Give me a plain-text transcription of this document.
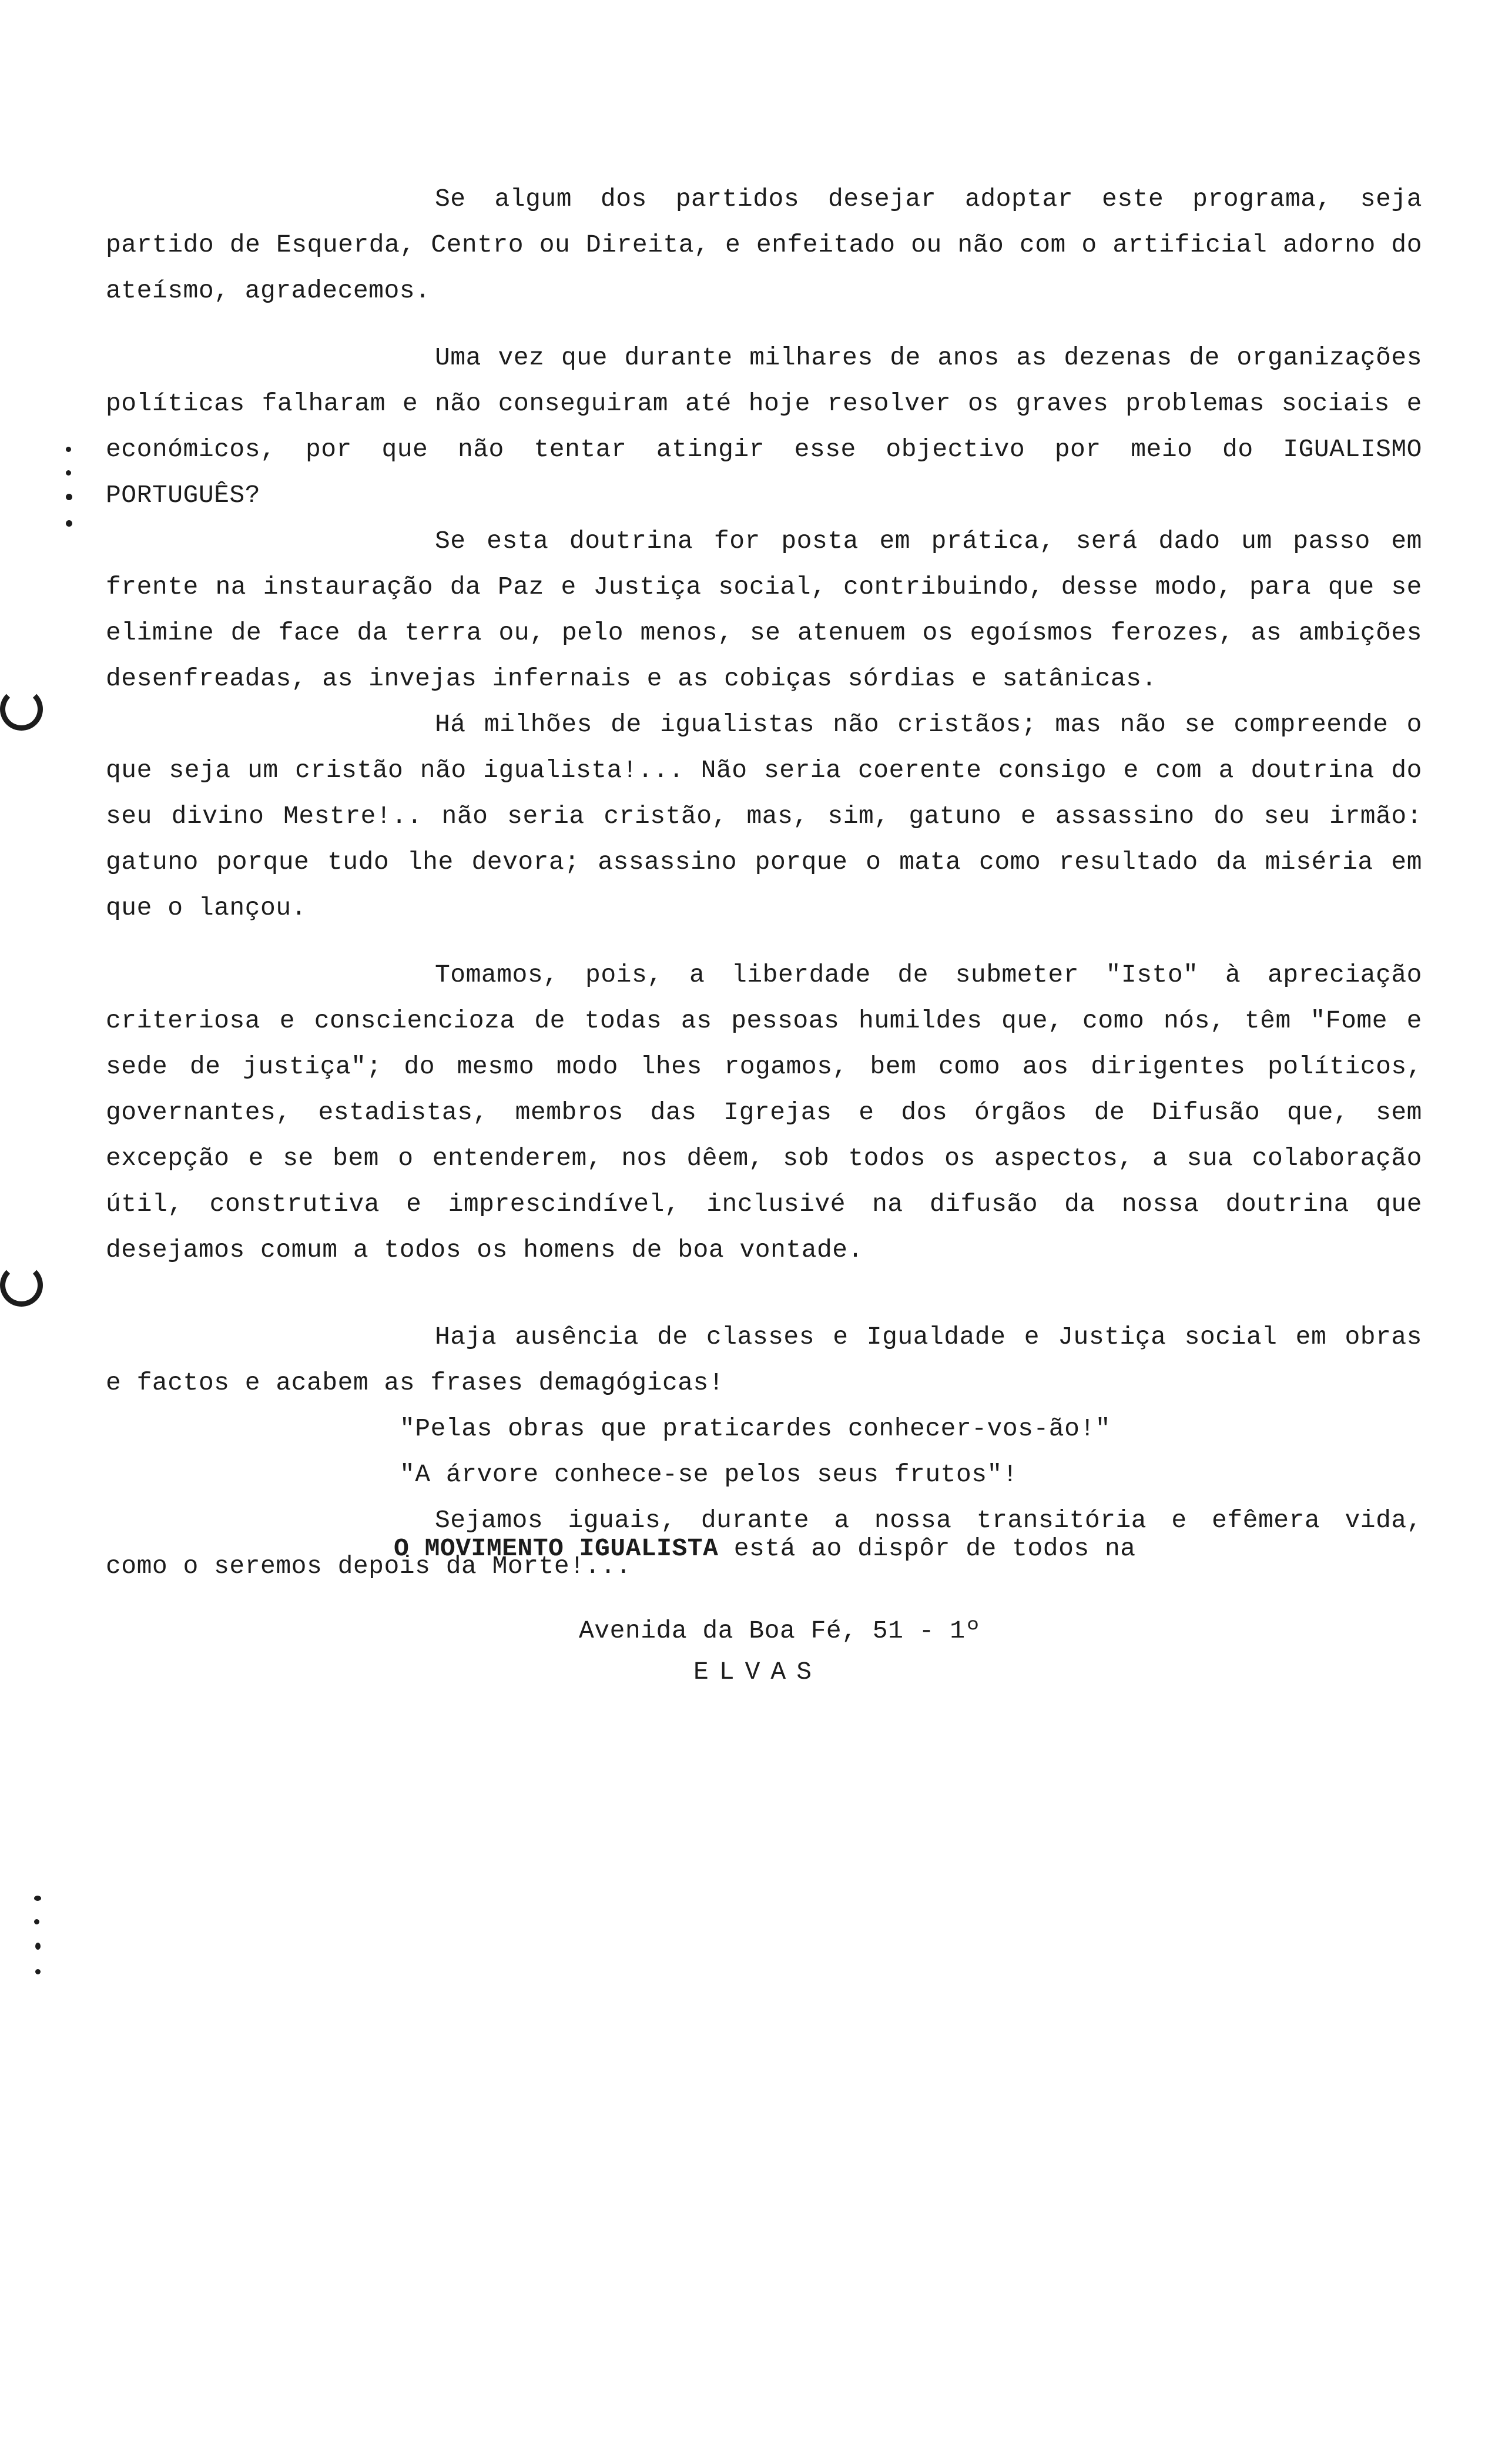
Se algum dos partidos desejar adoptar este programa, seja partido de Esquerda, Centro ou Direita, e enfeitado ou não com o artificial adorno do ateísmo, agradecemos.

Uma vez que durante milhares de anos as dezenas de organizações políticas falharam e não conseguiram até hoje resolver os graves problemas sociais e económicos, por que não tentar atingir esse objectivo por meio do IGUALISMO PORTUGUÊS?

Se esta doutrina for posta em prática, será dado um passo em frente na instauração da Paz e Justiça social, contribuindo, desse modo, para que se elimine de face da terra ou, pelo menos, se atenuem os egoísmos ferozes, as ambições desenfreadas, as invejas infernais e as cobiças sórdias e satânicas.

Há milhões de igualistas não cristãos; mas não se compreende o que seja um cristão não igualista!... Não seria coerente consigo e com a doutrina do seu divino Mestre!.. não seria cristão, mas, sim, gatuno e assassino do seu irmão: gatuno porque tudo lhe devora; assassino porque o mata como resultado da miséria em que o lançou.

Tomamos, pois, a liberdade de submeter "Isto" à apreciação criteriosa e consciencioza de todas as pessoas humildes que, como nós, têm "Fome e sede de justiça"; do mesmo modo lhes rogamos, bem como aos dirigentes políticos, governantes, estadistas, membros das Igrejas e dos órgãos de Difusão que, sem excepção e se bem o entenderem, nos dêem, sob todos os aspectos, a sua colaboração útil, construtiva e imprescindível, inclusivé na difusão da nossa doutrina que desejamos comum a todos os homens de boa vontade.

Haja ausência de classes e Igualdade e Justiça social em obras e factos e acabem as frases demagógicas!

"Pelas obras que praticardes conhecer-vos-ão!"

"A árvore conhece-se pelos seus frutos"!

Sejamos iguais, durante a nossa transitória e efêmera vida, como o seremos depois da Morte!...

O MOVIMENTO IGUALISTA está ao dispôr de todos na
Avenida da Boa Fé, 51 - 1º
ELVAS
